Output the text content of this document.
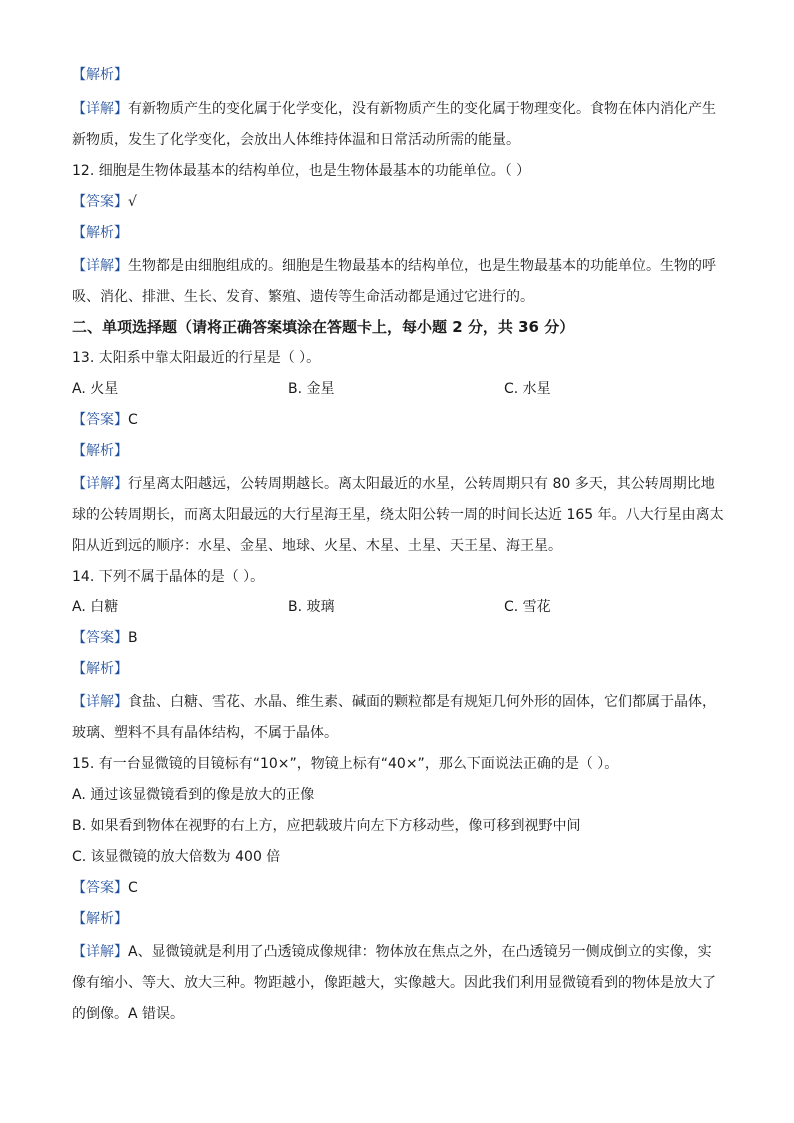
【解析】
【详解】有新物质产生的变化属于化学变化，没有新物质产生的变化属于物理变化。食物在体内消化产生
新物质，发生了化学变化，会放出人体维持体温和日常活动所需的能量。
12. 细胞是生物体最基本的结构单位，也是生物体最基本的功能单位。（ ）
【答案】√
【解析】
【详解】生物都是由细胞组成的。细胞是生物最基本的结构单位，也是生物最基本的功能单位。生物的呼
吸、消化、排泄、生长、发育、繁殖、遗传等生命活动都是通过它进行的。
二、单项选择题（请将正确答案填涂在答题卡上，每小题 2 分，共 36 分）
13. 太阳系中靠太阳最近的行星是（ ）。
A. 火星	B. 金星	C. 水星
【答案】C
【解析】
【详解】行星离太阳越远，公转周期越长。离太阳最近的水星，公转周期只有 80 多天，其公转周期比地
球的公转周期长，而离太阳最远的大行星海王星，绕太阳公转一周的时间长达近 165 年。八大行星由离太
阳从近到远的顺序：水星、金星、地球、火星、木星、土星、天王星、海王星。
14. 下列不属于晶体的是（ ）。
A. 白糖	B. 玻璃	C. 雪花
【答案】B
【解析】
【详解】食盐、白糖、雪花、水晶、维生素、碱面的颗粒都是有规矩几何外形的固体，它们都属于晶体，
玻璃、塑料不具有晶体结构，不属于晶体。
15. 有一台显微镜的目镜标有“10×”，物镜上标有“40×”，那么下面说法正确的是（ ）。
A. 通过该显微镜看到的像是放大的正像
B. 如果看到物体在视野的右上方，应把载玻片向左下方移动些，像可移到视野中间
C. 该显微镜的放大倍数为 400 倍
【答案】C
【解析】
【详解】A、显微镜就是利用了凸透镜成像规律：物体放在焦点之外，在凸透镜另一侧成倒立的实像，实
像有缩小、等大、放大三种。物距越小，像距越大，实像越大。因此我们利用显微镜看到的物体是放大了
的倒像。A 错误。
